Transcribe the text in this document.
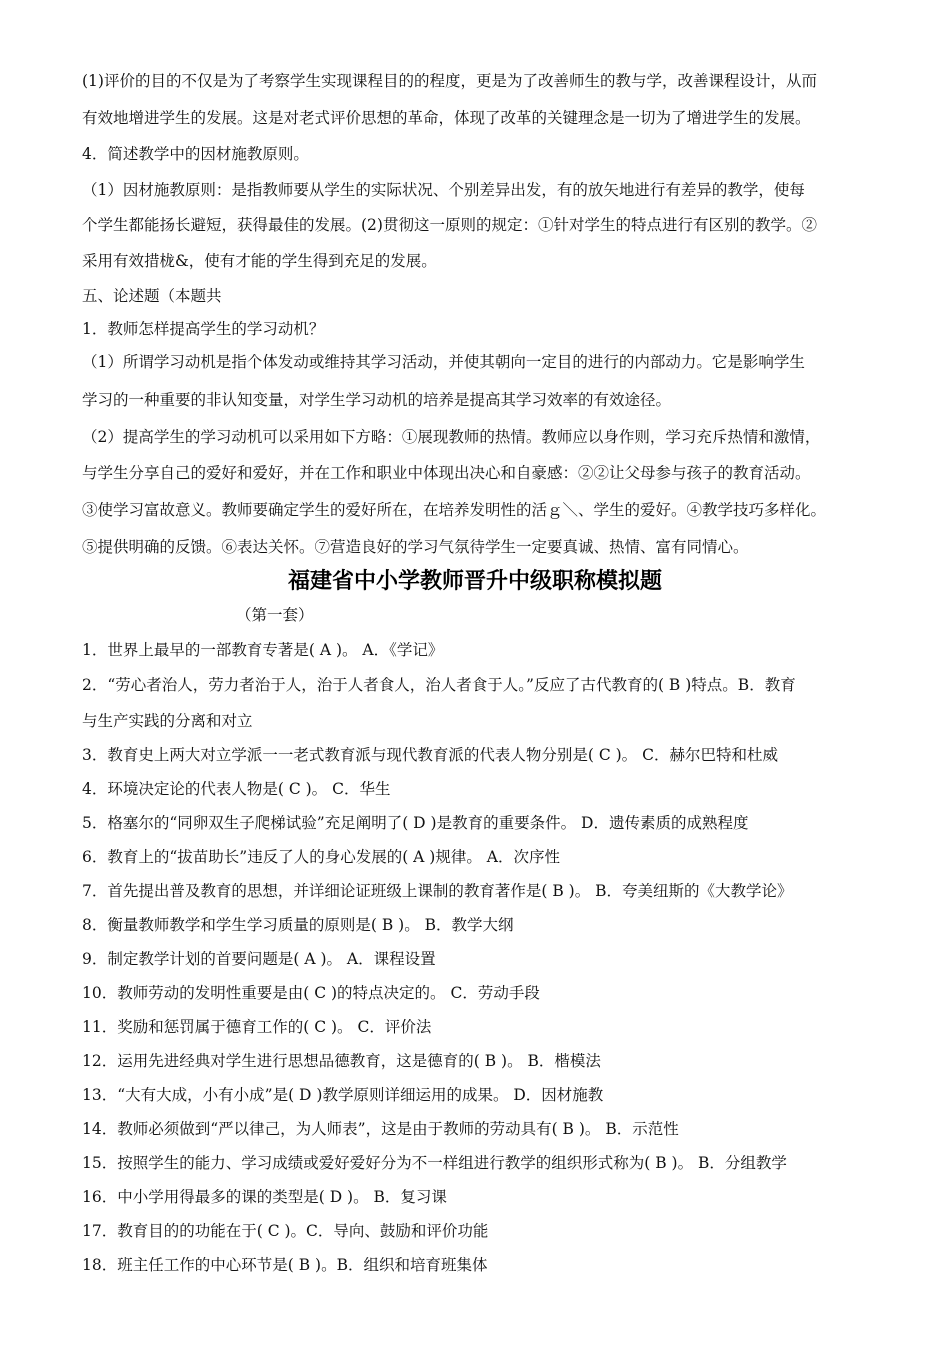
(1)评价的目的不仅是为了考察学生实现课程目的的程度，更是为了改善师生的教与学，改善课程设计，从而
有效地增进学生的发展。这是对老式评价思想的革命，体现了改革的关键理念是一切为了增进学生的发展。
4．简述教学中的因材施教原则。
（1）因材施教原则：是指教师要从学生的实际状况、个别差异出发，有的放矢地进行有差异的教学，使每
个学生都能扬长避短，获得最佳的发展。(2)贯彻这一原则的规定：①针对学生的特点进行有区别的教学。②
采用有效措栊&，使有才能的学生得到充足的发展。
五、论述题（本题共
1．教师怎样提高学生的学习动机？
（1）所谓学习动机是指个体发动或维持其学习活动，并使其朝向一定目的进行的内部动力。它是影响学生
学习的一种重要的非认知变量，对学生学习动机的培养是提高其学习效率的有效途径。
（2）提高学生的学习动机可以采用如下方略：①展现教师的热情。教师应以身作则，学习充斥热情和激情，
与学生分享自己的爱好和爱好，并在工作和职业中体现出决心和自豪感：②②让父母参与孩子的教育活动。
③使学习富故意义。教师要确定学生的爱好所在，在培养发明性的活ｇ＼、学生的爱好。④教学技巧多样化。
⑤提供明确的反馈。⑥表达关怀。⑦营造良好的学习气氛待学生一定要真诚、热情、富有同情心。
福建省中小学教师晋升中级职称模拟题
（第一套）
1．世界上最早的一部教育专著是( A )。 A．《学记》
2．“劳心者治人，劳力者治于人，治于人者食人，治人者食于人。”反应了古代教育的( B )特点。B．教育
与生产实践的分离和对立
3．教育史上两大对立学派一一老式教育派与现代教育派的代表人物分别是( C )。 C．赫尔巴特和杜威
4．环境决定论的代表人物是( C )。 C．华生
5．格塞尔的“同卵双生子爬梯试验”充足阐明了( D )是教育的重要条件。 D．遗传素质的成熟程度
6．教育上的“拔苗助长”违反了人的身心发展的( A )规律。 A．次序性
7．首先提出普及教育的思想，并详细论证班级上课制的教育著作是( B )。 B．夸美纽斯的《大教学论》
8．衡量教师教学和学生学习质量的原则是( B )。 B．教学大纲
9．制定教学计划的首要问题是( A )。 A．课程设置
10．教师劳动的发明性重要是由( C )的特点决定的。 C．劳动手段
11．奖励和惩罚属于德育工作的( C )。 C．评价法
12．运用先进经典对学生进行思想品德教育，这是德育的( B )。 B．楷模法
13．“大有大成，小有小成”是( D )教学原则详细运用的成果。 D．因材施教
14．教师必须做到“严以律己，为人师表”，这是由于教师的劳动具有( B )。 B．示范性
15．按照学生的能力、学习成绩或爱好爱好分为不一样组进行教学的组织形式称为( B )。 B．分组教学
16．中小学用得最多的课的类型是( D )。 B．复习课
17．教育目的的功能在于( C )。C．导向、鼓励和评价功能
18．班主任工作的中心环节是( B )。B．组织和培育班集体
